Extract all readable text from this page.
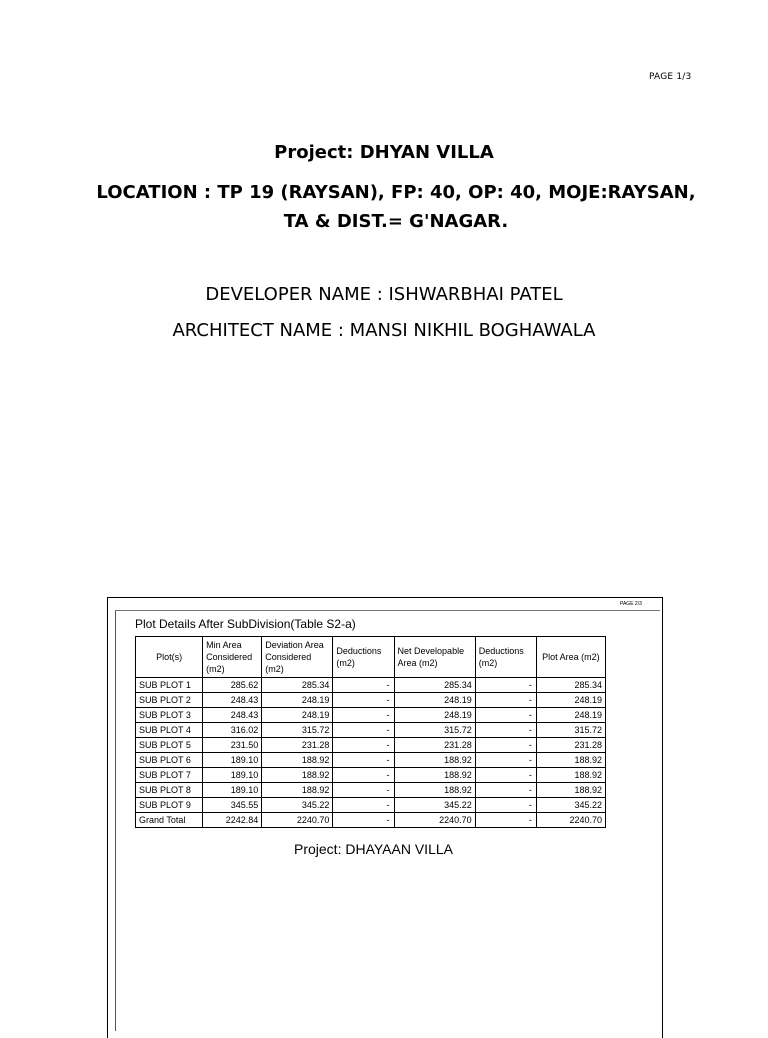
PAGE 1/3
Project: DHYAN VILLA
LOCATION : TP 19 (RAYSAN), FP: 40, OP: 40, MOJE:RAYSAN, TA & DIST.= G'NAGAR.
DEVELOPER NAME : ISHWARBHAI PATEL
ARCHITECT NAME : MANSI NIKHIL BOGHAWALA
PAGE 2/3
Plot Details After SubDivision(Table S2-a)
Plot(s)	Min Area Considered (m2)	Deviation Area Considered (m2)	Deductions (m2)	Net Developable Area (m2)	Deductions (m2)	Plot Area (m2)
SUB PLOT 1	285.62	285.34	-	285.34	-	285.34
SUB PLOT 2	248.43	248.19	-	248.19	-	248.19
SUB PLOT 3	248.43	248.19	-	248.19	-	248.19
SUB PLOT 4	316.02	315.72	-	315.72	-	315.72
SUB PLOT 5	231.50	231.28	-	231.28	-	231.28
SUB PLOT 6	189.10	188.92	-	188.92	-	188.92
SUB PLOT 7	189.10	188.92	-	188.92	-	188.92
SUB PLOT 8	189.10	188.92	-	188.92	-	188.92
SUB PLOT 9	345.55	345.22	-	345.22	-	345.22
Grand Total	2242.84	2240.70	-	2240.70	-	2240.70
Project: DHAYAAN VILLA
